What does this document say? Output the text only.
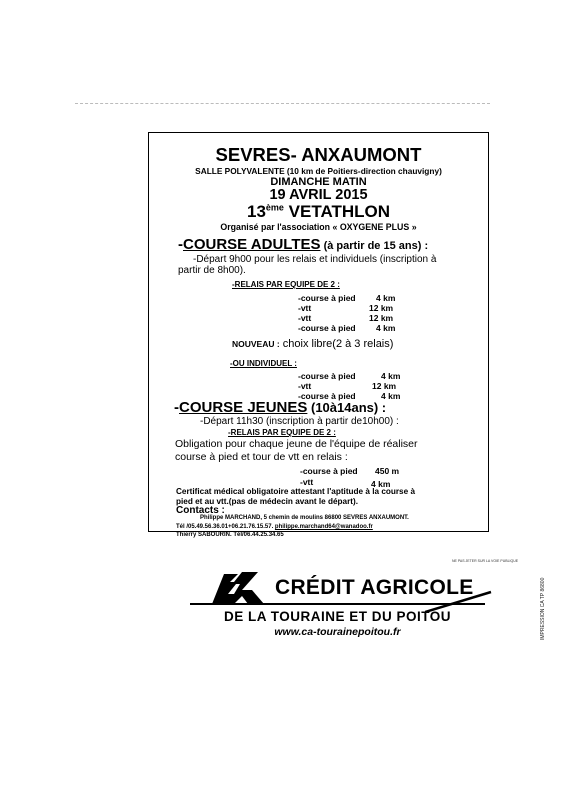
SEVRES- ANXAUMONT
SALLE POLYVALENTE (10 km de Poitiers-direction chauvigny)
DIMANCHE MATIN
19 AVRIL 2015
13ème VETATHLON
Organisé par l'association « OXYGENE PLUS »
-COURSE ADULTES (à partir de 15 ans) :
-Départ 9h00 pour les relais et individuels (inscription à
partir de 8h00).
-RELAIS PAR EQUIPE DE 2 :
-course à pied 4 km
-vtt	12 km
-vtt	12 km
-course à pied 4 km
NOUVEAU : choix libre(2 à 3 relais)
-OU INDIVIDUEL :
-course à pied	4 km
-vtt	12 km
-course à pied	4 km
-COURSE JEUNES (10à14ans) :
-Départ 11h30 (inscription à partir de10h00) :
-RELAIS PAR EQUIPE DE 2 :
Obligation pour chaque jeune de l'équipe de réaliser
course à pied et tour de vtt en relais :
-course à pied 450 m
-vtt	4 km
Certificat médical obligatoire attestant l'aptitude à la course à
pied et au vtt.(pas de médecin avant le départ).
Contacts :
Philippe MARCHAND, 5 chemin de moulins 86800 SEVRES ANXAUMONT.
Tél /05.49.56.36.01+06.21.76.15.57. philippe.marchand64@wanadoo.fr
Thierry SABOURIN. Tél/06.44.25.34.65
NE PAS JETER SUR LA VOIE PUBLIQUE
CRÉDIT AGRICOLE
DE LA TOURAINE ET DU POITOU
www.ca-tourainepoitou.fr	IMPRESSION CA TP 86800
